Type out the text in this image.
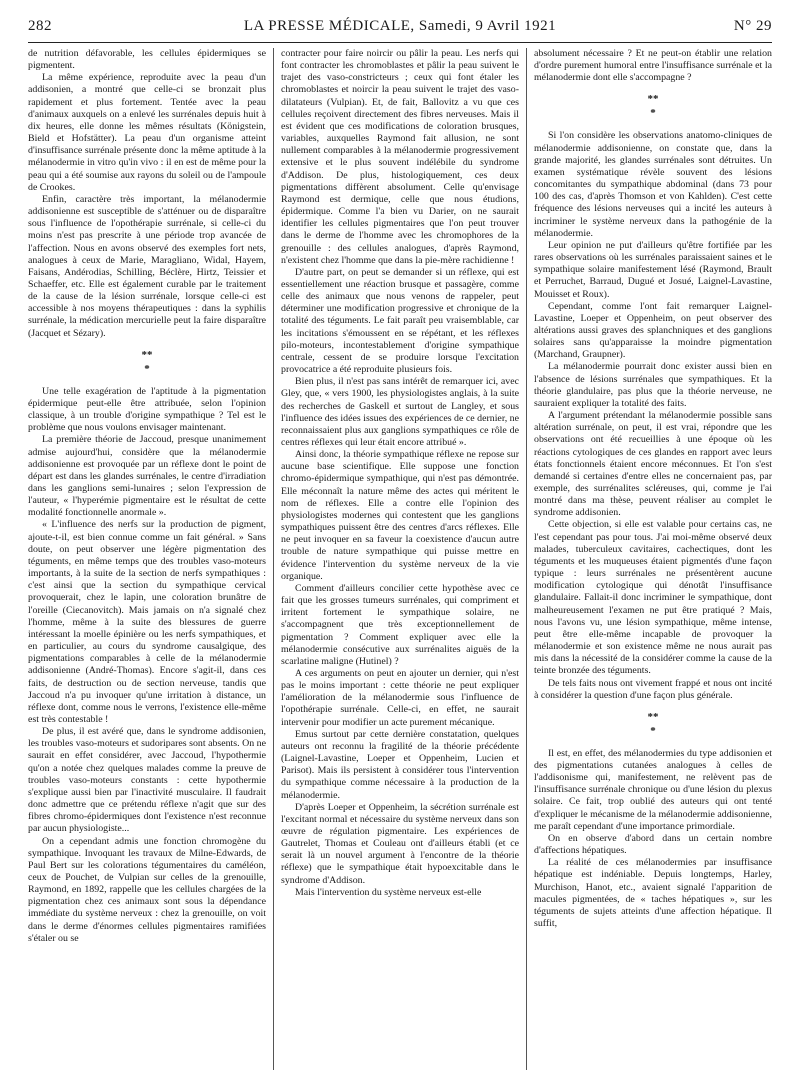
282	LA PRESSE MÉDICALE, Samedi, 9 Avril 1921	N° 29

de nutrition défavorable, les cellules épidermiques se pigmentent.

La même expérience, reproduite avec la peau d'un addisonien, a montré que celle-ci se bronzait plus rapidement et plus fortement. Tentée avec la peau d'animaux auxquels on a enlevé les surrénales depuis huit à dix heures, elle donne les mêmes résultats (Königstein, Bield et Hofstätter). La peau d'un organisme atteint d'insuffisance surrénale présente donc la même aptitude à la mélanodermie in vitro qu'in vivo : il en est de même pour la peau qui a été soumise aux rayons du soleil ou de l'ampoule de Crookes.

Enfin, caractère très important, la mélanodermie addisonienne est susceptible de s'atténuer ou de disparaître sous l'influence de l'opothérapie surrénale, si celle-ci du moins n'est pas prescrite à une période trop avancée de l'affection. Nous en avons observé des exemples fort nets, analogues à ceux de Marie, Maragliano, Widal, Hayem, Faisans, Andérodias, Schilling, Béclère, Hirtz, Teissier et Schaeffer, etc. Elle est également curable par le traitement de la cause de la lésion surrénale, lorsque celle-ci est accessible à nos moyens thérapeutiques : dans la syphilis surrénale, la médication mercurielle peut la faire disparaître (Jacquet et Sézary).

**
*

Une telle exagération de l'aptitude à la pigmentation épidermique peut-elle être attribuée, selon l'opinion classique, à un trouble d'origine sympathique ? Tel est le problème que nous voulons envisager maintenant.

La première théorie de Jaccoud, presque unanimement admise aujourd'hui, considère que la mélanodermie addisonienne est provoquée par un réflexe dont le point de départ est dans les glandes surrénales, le centre d'irradiation dans les ganglions semi-lunaires ; selon l'expression de l'auteur, « l'hyperémie pigmentaire est le résultat de cette modalité fonctionnelle anormale ».

« L'influence des nerfs sur la production de pigment, ajoute-t-il, est bien connue comme un fait général. » Sans doute, on peut observer une légère pigmentation des téguments, en même temps que des troubles vaso-moteurs importants, à la suite de la section de nerfs sympathiques : c'est ainsi que la section du sympathique cervical provoquerait, chez le lapin, une coloration brunâtre de l'oreille (Ciecanovitch). Mais jamais on n'a signalé chez l'homme, même à la suite des blessures de guerre intéressant la moelle épinière ou les nerfs sympathiques, et en particulier, au cours du syndrome causalgique, des pigmentations comparables à celle de la mélanodermie addisonienne (André-Thomas). Encore s'agit-il, dans ces faits, de destruction ou de section nerveuse, tandis que Jaccoud n'a pu invoquer qu'une irritation à distance, un réflexe dont, comme nous le verrons, l'existence elle-même est très contestable !

De plus, il est avéré que, dans le syndrome addisonien, les troubles vaso-moteurs et sudoripares sont absents. On ne saurait en effet considérer, avec Jaccoud, l'hypothermie qu'on a notée chez quelques malades comme la preuve de troubles vaso-moteurs constants : cette hypothermie s'explique aussi bien par l'inactivité musculaire. Il faudrait donc admettre que ce prétendu réflexe n'agit que sur des fibres chromo-épidermiques dont l'existence n'est reconnue par aucun physiologiste...

On a cependant admis une fonction chromogène du sympathique. Invoquant les travaux de Milne-Edwards, de Paul Bert sur les colorations tégumentaires du caméléon, ceux de Pouchet, de Vulpian sur celles de la grenouille, Raymond, en 1892, rappelle que les cellules chargées de la pigmentation chez ces animaux sont sous la dépendance immédiate du système nerveux : chez la grenouille, on voit dans le derme d'énormes cellules pigmentaires ramifiées s'étaler ou se

contracter pour faire noircir ou pâlir la peau. Les nerfs qui font contracter les chromoblastes et pâlir la peau suivent le trajet des vaso-constricteurs ; ceux qui font étaler les chromoblastes et noircir la peau suivent le trajet des vaso-dilatateurs (Vulpian). Et, de fait, Ballovitz a vu que ces cellules reçoivent directement des fibres nerveuses. Mais il est évident que ces modifications de coloration brusques, variables, auxquelles Raymond fait allusion, ne sont nullement comparables à la mélanodermie progressivement extensive et le plus souvent indélébile du syndrome d'Addison. De plus, histologiquement, ces deux pigmentations diffèrent absolument. Celle qu'envisage Raymond est dermique, celle que nous étudions, épidermique. Comme l'a bien vu Darier, on ne saurait identifier les cellules pigmentaires que l'on peut trouver dans le derme de l'homme avec les chromophores de la grenouille : des cellules analogues, d'après Raymond, n'existent chez l'homme que dans la pie-mère rachidienne !

D'autre part, on peut se demander si un réflexe, qui est essentiellement une réaction brusque et passagère, comme celle des animaux que nous venons de rappeler, peut déterminer une modification progressive et chronique de la totalité des téguments. Le fait paraît peu vraisemblable, car les incitations s'émoussent en se répétant, et les réflexes pilo-moteurs, incontestablement d'origine sympathique centrale, cessent de se produire lorsque l'excitation provocatrice a été reproduite plusieurs fois.

Bien plus, il n'est pas sans intérêt de remarquer ici, avec Gley, que, « vers 1900, les physiologistes anglais, à la suite des recherches de Gaskell et surtout de Langley, et sous l'influence des idées issues des expériences de ce dernier, ne reconnaissaient plus aux ganglions sympathiques ce rôle de centres réflexes qui leur était encore attribué ».

Ainsi donc, la théorie sympathique réflexe ne repose sur aucune base scientifique. Elle suppose une fonction chromo-épidermique sympathique, qui n'est pas démontrée. Elle méconnaît la nature même des actes qui méritent le nom de réflexes. Elle a contre elle l'opinion des physiologistes modernes qui contestent que les ganglions sympathiques puissent être des centres d'arcs réflexes. Elle ne peut invoquer en sa faveur la coexistence d'aucun autre trouble de nature sympathique qui puisse mettre en évidence l'intervention du système nerveux de la vie organique.

Comment d'ailleurs concilier cette hypothèse avec ce fait que les grosses tumeurs surrénales, qui compriment et irritent fortement le sympathique solaire, ne s'accompagnent que très exceptionnellement de pigmentation ? Comment expliquer avec elle la mélanodermie consécutive aux surrénalites aiguës de la scarlatine maligne (Hutinel) ?

A ces arguments on peut en ajouter un dernier, qui n'est pas le moins important : cette théorie ne peut expliquer l'amélioration de la mélanodermie sous l'influence de l'opothérapie surrénale. Celle-ci, en effet, ne saurait intervenir pour modifier un acte purement mécanique.

Emus surtout par cette dernière constatation, quelques auteurs ont reconnu la fragilité de la théorie précédente (Laignel-Lavastine, Loeper et Oppenheim, Lucien et Parisot). Mais ils persistent à considérer tous l'intervention du sympathique comme nécessaire à la production de la mélanodermie.

D'après Loeper et Oppenheim, la sécrétion surrénale est l'excitant normal et nécessaire du système nerveux dans son œuvre de régulation pigmentaire. Les expériences de Gautrelet, Thomas et Couleau ont d'ailleurs établi (et ce serait là un nouvel argument à l'encontre de la théorie réflexe) que le sympathique était hypoexcitable dans le syndrome d'Addison.

Mais l'intervention du système nerveux est-elle

absolument nécessaire ? Et ne peut-on établir une relation d'ordre purement humoral entre l'insuffisance surrénale et la mélanodermie dont elle s'accompagne ?

**
*

Si l'on considère les observations anatomo-cliniques de mélanodermie addisonienne, on constate que, dans la grande majorité, les glandes surrénales sont détruites. Un examen systématique révèle souvent des lésions concomitantes du sympathique abdominal (dans 73 pour 100 des cas, d'après Thomson et von Kahlden). C'est cette fréquence des lésions nerveuses qui a incité les auteurs à incriminer le système nerveux dans la pathogénie de la mélanodermie.

Leur opinion ne put d'ailleurs qu'être fortifiée par les rares observations où les surrénales paraissaient saines et le sympathique solaire manifestement lésé (Raymond, Brault et Perruchet, Barraud, Dugué et Josué, Laignel-Lavastine, Mouisset et Roux).

Cependant, comme l'ont fait remarquer Laignel-Lavastine, Loeper et Oppenheim, on peut observer des altérations aussi graves des splanchniques et des ganglions solaires sans qu'apparaisse la moindre pigmentation (Marchand, Graupner).

La mélanodermie pourrait donc exister aussi bien en l'absence de lésions surrénales que sympathiques. Et la théorie glandulaire, pas plus que la théorie nerveuse, ne sauraient expliquer la totalité des faits.

A l'argument prétendant la mélanodermie possible sans altération surrénale, on peut, il est vrai, répondre que les observations ont été recueillies à une époque où les réactions cytologiques de ces glandes en rapport avec leurs états fonctionnels étaient encore méconnues. Et l'on s'est demandé si certaines d'entre elles ne concernaient pas, par exemple, des surrénalites scléreuses, qui, comme je l'ai montré dans ma thèse, peuvent réaliser au complet le syndrome addisonien.

Cette objection, si elle est valable pour certains cas, ne l'est cependant pas pour tous. J'ai moi-même observé deux malades, tuberculeux cavitaires, cachectiques, dont les téguments et les muqueuses étaient pigmentés d'une façon typique : leurs surrénales ne présentèrent aucune modification cytologique qui dénotât l'insuffisance glandulaire. Fallait-il donc incriminer le sympathique, dont malheureusement l'examen ne put être pratiqué ? Mais, nous l'avons vu, une lésion sympathique, même intense, peut être elle-même incapable de provoquer la mélanodermie et son existence même ne nous aurait pas mis dans la nécessité de la considérer comme la cause de la teinte bronzée des téguments.

De tels faits nous ont vivement frappé et nous ont incité à considérer la question d'une façon plus générale.

**
*

Il est, en effet, des mélanodermies du type addisonien et des pigmentations cutanées analogues à celles de l'addisonisme qui, manifestement, ne relèvent pas de l'insuffisance surrénale chronique ou d'une lésion du plexus solaire. Ce fait, trop oublié des auteurs qui ont tenté d'expliquer le mécanisme de la mélanodermie addisonienne, me paraît cependant d'une importance primordiale.

On en observe d'abord dans un certain nombre d'affections hépatiques.

La réalité de ces mélanodermies par insuffisance hépatique est indéniable. Depuis longtemps, Harley, Murchison, Hanot, etc., avaient signalé l'apparition de macules pigmentées, de « taches hépatiques », sur les téguments de sujets atteints d'une affection hépatique. Il suffit,
